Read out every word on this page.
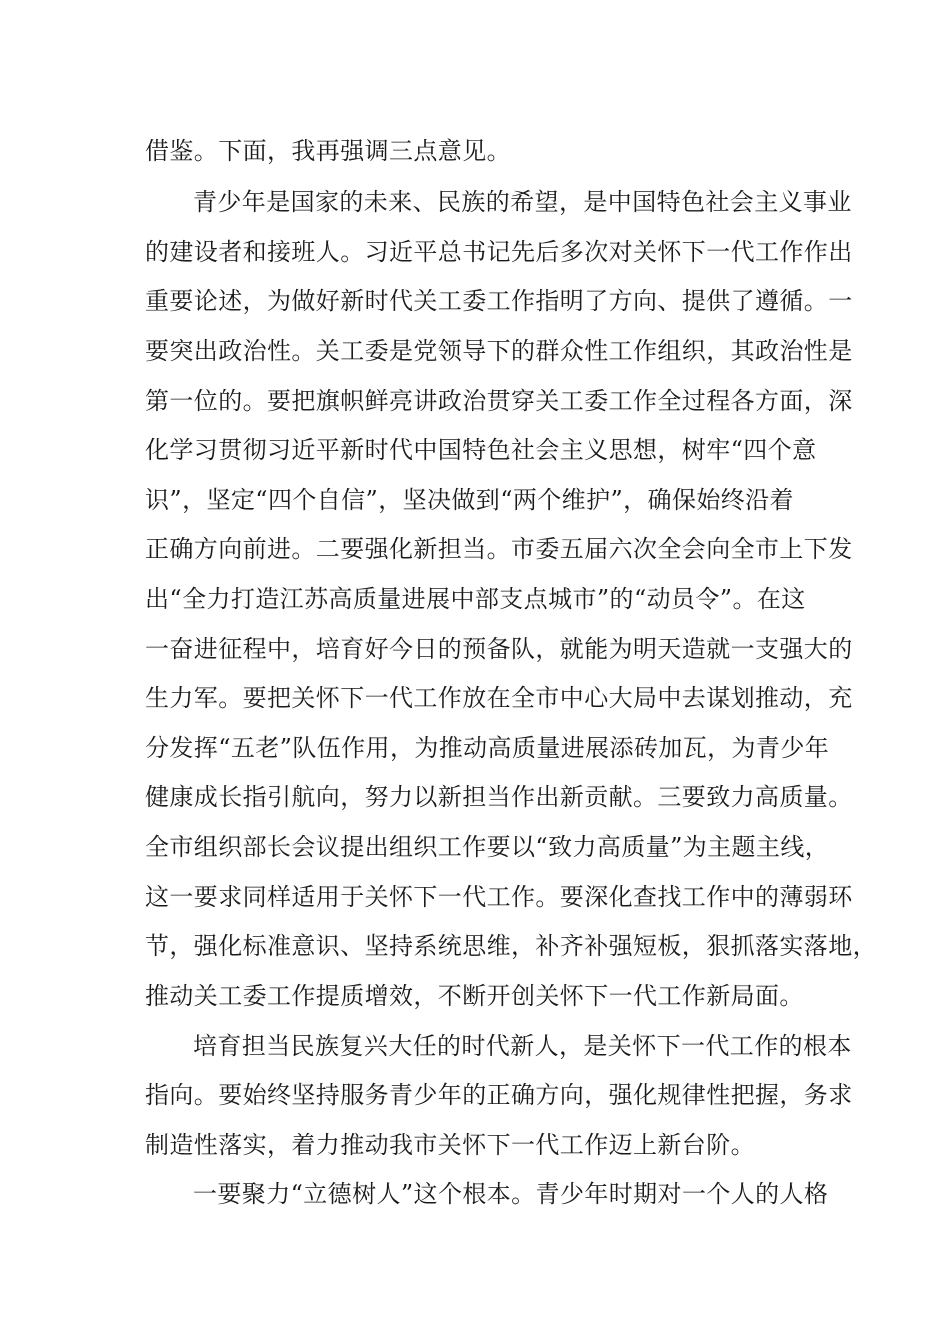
借鉴。下面，我再强调三点意见。
青少年是国家的未来、民族的希望，是中国特色社会主义事业
的建设者和接班人。习近平总书记先后多次对关怀下一代工作作出
重要论述，为做好新时代关工委工作指明了方向、提供了遵循。一
要突出政治性。关工委是党领导下的群众性工作组织，其政治性是
第一位的。要把旗帜鲜亮讲政治贯穿关工委工作全过程各方面，深
化学习贯彻习近平新时代中国特色社会主义思想，树牢“四个意
识”，坚定“四个自信”，坚决做到“两个维护”，确保始终沿着
正确方向前进。二要强化新担当。市委五届六次全会向全市上下发
出“全力打造江苏高质量进展中部支点城市”的“动员令”。在这
一奋进征程中，培育好今日的预备队，就能为明天造就一支强大的
生力军。要把关怀下一代工作放在全市中心大局中去谋划推动，充
分发挥“五老”队伍作用，为推动高质量进展添砖加瓦，为青少年
健康成长指引航向，努力以新担当作出新贡献。三要致力高质量。
全市组织部长会议提出组织工作要以“致力高质量”为主题主线，
这一要求同样适用于关怀下一代工作。要深化查找工作中的薄弱环
节，强化标准意识、坚持系统思维，补齐补强短板，狠抓落实落地，
推动关工委工作提质增效，不断开创关怀下一代工作新局面。
培育担当民族复兴大任的时代新人，是关怀下一代工作的根本
指向。要始终坚持服务青少年的正确方向，强化规律性把握，务求
制造性落实，着力推动我市关怀下一代工作迈上新台阶。
一要聚力“立德树人”这个根本。青少年时期对一个人的人格
